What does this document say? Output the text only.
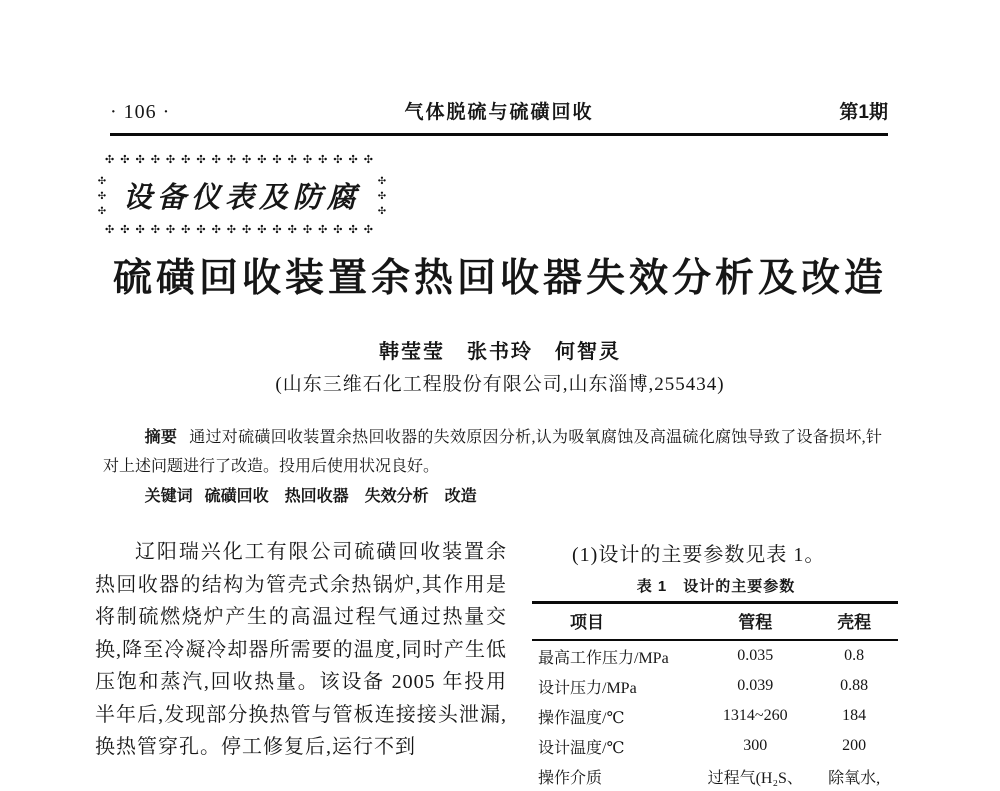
· 106 ·	气体脱硫与硫磺回收	第1期
✣✣✣✣✣✣✣✣✣✣✣✣✣✣✣✣✣✣
✣
✣
✣ 设备仪表及防腐
✣
✣
✣
✣✣✣✣✣✣✣✣✣✣✣✣✣✣✣✣✣✣
硫磺回收装置余热回收器失效分析及改造
韩莹莹　张书玲　何智灵
(山东三维石化工程股份有限公司,山东淄博,255434)

摘要 通过对硫磺回收装置余热回收器的失效原因分析,认为吸氧腐蚀及高温硫化腐蚀导致了设备损坏,针对上述问题进行了改造。投用后使用状况良好。

关键词 硫磺回收　热回收器　失效分析　改造

辽阳瑞兴化工有限公司硫磺回收装置余热回收器的结构为管壳式余热锅炉,其作用是将制硫燃烧炉产生的高温过程气通过热量交换,降至冷凝冷却器所需要的温度,同时产生低压饱和蒸汽,回收热量。该设备 2005 年投用半年后,发现部分换热管与管板连接接头泄漏,换热管穿孔。停工修复后,运行不到

(1)设计的主要参数见表 1。

表 1　设计的主要参数

项目	管程	壳程
最高工作压力/MPa	0.035	0.8
设计压力/MPa	0.039	0.88
操作温度/℃	1314~260	184
设计温度/℃	300	200
操作介质	过程气(H₂S、	除氧水,
